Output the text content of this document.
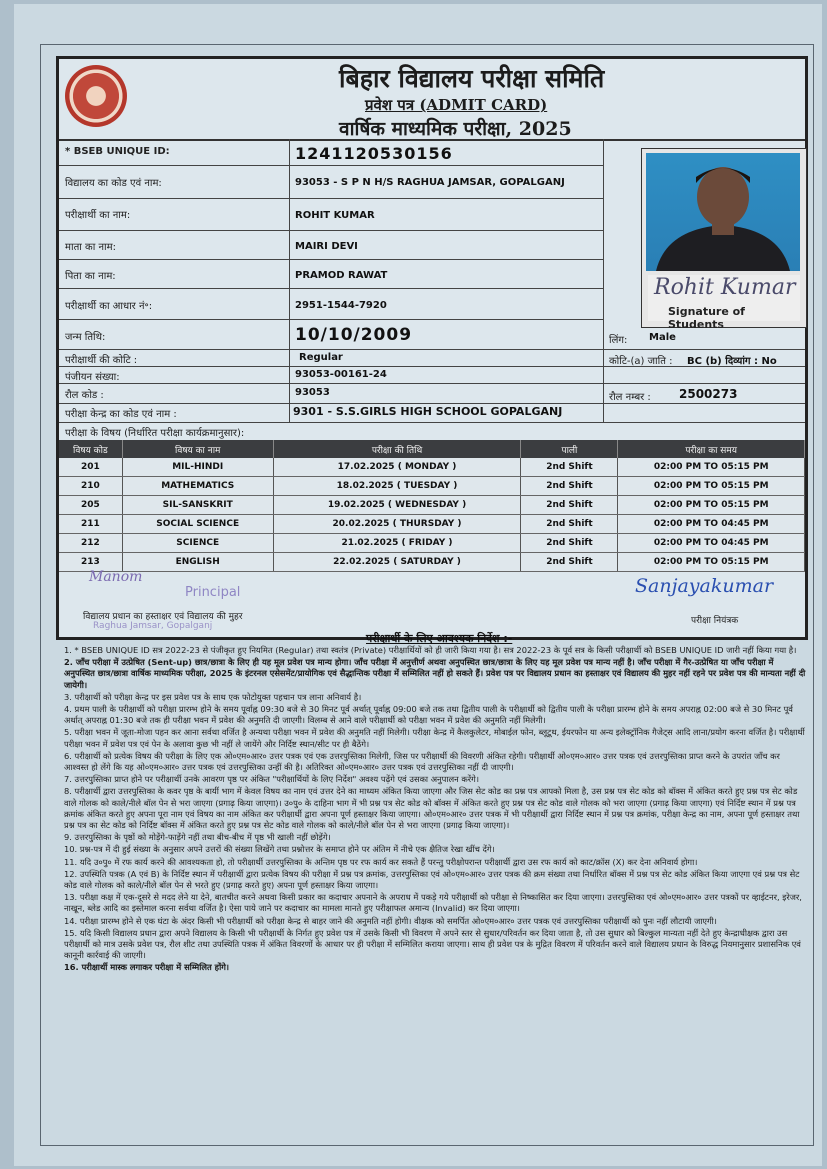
बिहार विद्यालय परीक्षा समिति
प्रवेश पत्र (ADMIT CARD)
वार्षिक माध्यमिक परीक्षा, 2025
* BSEB UNIQUE ID:	1241120530156
विद्यालय का कोड एवं नाम:	93053 - S P N H/S RAGHUA JAMSAR, GOPALGANJ
परीक्षार्थी का नाम:	ROHIT KUMAR
माता का नाम:	MAIRI DEVI
पिता का नाम:	PRAMOD RAWAT
परीक्षार्थी का आधार नं॰:	2951-1544-7920
जन्म तिथि:	10/10/2009	लिंग: Male
परीक्षार्थी की कोटि :	Regular	कोटि-(a) जाति : BC (b) दिव्यांग : No
पंजीयन संख्या:	93053-00161-24
रौल कोड :	93053	रौल नम्बर : 2500273
परीक्षा केन्द्र का कोड एवं नाम :	9301 - S.S.GIRLS HIGH SCHOOL GOPALGANJ
परीक्षा के विषय (निर्धारित परीक्षा कार्यक्रमानुसार):
Rohit Kumar
Signature of Students
विषय कोड	विषय का नाम	परीक्षा की तिथि	पाली	परीक्षा का समय
201	MIL-HINDI	17.02.2025 ( MONDAY )	2nd Shift	02:00 PM TO 05:15 PM
210	MATHEMATICS	18.02.2025 ( TUESDAY )	2nd Shift	02:00 PM TO 05:15 PM
205	SIL-SANSKRIT	19.02.2025 ( WEDNESDAY )	2nd Shift	02:00 PM TO 05:15 PM
211	SOCIAL SCIENCE	20.02.2025 ( THURSDAY )	2nd Shift	02:00 PM TO 04:45 PM
212	SCIENCE	21.02.2025 ( FRIDAY )	2nd Shift	02:00 PM TO 04:45 PM
213	ENGLISH	22.02.2025 ( SATURDAY )	2nd Shift	02:00 PM TO 05:15 PM
Manom
Principal
Raghua Jamsar, Gopalganj
विद्यालय प्रधान का हस्ताक्षर एवं विद्यालय की मुहर
Sanjayakumar
परीक्षा नियंत्रक
परीक्षार्थी के लिए आवश्यक निर्देश :-
1. * BSEB UNIQUE ID सत्र 2022-23 से पंजीकृत हुए नियमित (Regular) तथा स्वतंत्र (Private) परीक्षार्थियों को ही जारी किया गया है। सत्र 2022-23 के पूर्व सत्र के किसी परीक्षार्थी को BSEB UNIQUE ID जारी नहीं किया गया है।
2. जाँच परीक्षा में उत्प्रेषित (Sent-up) छात्र/छात्रा के लिए ही यह मूल प्रवेश पत्र मान्य होगा। जाँच परीक्षा में अनुत्तीर्ण अथवा अनुपस्थित छात्र/छात्रा के लिए यह मूल प्रवेश पत्र मान्य नहीं है। जाँच परीक्षा में गैर-उत्प्रेषित या जाँच परीक्षा में अनुपस्थित छात्र/छात्रा वार्षिक माध्यमिक परीक्षा, 2025 के इंटरनल एसेसमेंट/प्रायोगिक एवं सैद्धान्तिक परीक्षा में सम्मिलित नहीं हो सकते हैं। प्रवेश पत्र पर विद्यालय प्रधान का हस्ताक्षर एवं विद्यालय की मुहर नहीं रहने पर प्रवेश पत्र की मान्यता नहीं दी जायेगी।
3. परीक्षार्थी को परीक्षा केन्द्र पर इस प्रवेश पत्र के साथ एक फोटोयुक्त पहचान पत्र लाना अनिवार्य है।
4. प्रथम पाली के परीक्षार्थी को परीक्षा प्रारम्भ होने के समय पूर्वाह्न 09:30 बजे से 30 मिनट पूर्व अर्थात् पूर्वाह्न 09:00 बजे तक तथा द्वितीय पाली के परीक्षार्थी को द्वितीय पाली के परीक्षा प्रारम्भ होने के समय अपराह्न 02:00 बजे से 30 मिनट पूर्व अर्थात् अपराह्न 01:30 बजे तक ही परीक्षा भवन में प्रवेश की अनुमति दी जाएगी। विलम्ब से आने वाले परीक्षार्थी को परीक्षा भवन में प्रवेश की अनुमति नहीं मिलेगी।
5. परीक्षा भवन में जूता-मोजा पहन कर आना सर्वथा वर्जित है अन्यथा परीक्षा भवन में प्रवेश की अनुमति नहीं मिलेगी। परीक्षा केन्द्र में कैलकुलेटर, मोबाईल फोन, ब्लूटूथ, ईयरफोन या अन्य इलेक्ट्रॉनिक गैजेट्स आदि लाना/प्रयोग करना वर्जित है। परीक्षार्थी परीक्षा भवन में प्रवेश पत्र एवं पेन के अलावा कुछ भी नहीं ले जायेंगे और निर्दिष्ट स्थान/सीट पर ही बैठेंगे।
6. परीक्षार्थी को प्रत्येक विषय की परीक्षा के लिए एक ओ०एम०आर० उत्तर पत्रक एवं एक उत्तरपुस्तिका मिलेगी, जिस पर परीक्षार्थी की विवरणी अंकित रहेगी। परीक्षार्थी ओ०एम०आर० उत्तर पत्रक एवं उत्तरपुस्तिका प्राप्त करने के उपरांत जाँच कर आश्वस्त हो लेंगे कि यह ओ०एम०आर० उत्तर पत्रक एवं उत्तरपुस्तिका उन्हीं की है। अतिरिक्त ओ०एम०आर० उत्तर पत्रक एवं उत्तरपुस्तिका नहीं दी जाएगी।
7. उत्तरपुस्तिका प्राप्त होने पर परीक्षार्थी उनके आवरण पृष्ठ पर अंकित "परीक्षार्थियों के लिए निर्देश" अवश्य पढ़ेंगे एवं उसका अनुपालन करेंगे।
8. परीक्षार्थी द्वारा उत्तरपुस्तिका के कवर पृष्ठ के बायीं भाग में केवल विषय का नाम एवं उत्तर देने का माध्यम अंकित किया जाएगा और जिस सेट कोड का प्रश्न पत्र आपको मिला है, उस प्रश्न पत्र सेट कोड को बॉक्स में अंकित करते हुए प्रश्न पत्र सेट कोड वाले गोलक को काले/नीले बॉल पेन से भरा जाएगा (प्रगाढ़ किया जाएगा)। उ०पु० के दाहिना भाग में भी प्रश्न पत्र सेट कोड को बॉक्स में अंकित करते हुए प्रश्न पत्र सेट कोड वाले गोलक को भरा जाएगा (प्रगाढ़ किया जाएगा) एवं निर्दिष्ट स्थान में प्रश्न पत्र क्रमांक अंकित करते हुए अपना पूरा नाम एवं विषय का नाम अंकित कर परीक्षार्थी द्वारा अपना पूर्ण हस्ताक्षर किया जाएगा। ओ०एम०आर० उत्तर पत्रक में भी परीक्षार्थी द्वारा निर्दिष्ट स्थान में प्रश्न पत्र क्रमांक, परीक्षा केन्द्र का नाम, अपना पूर्ण हस्ताक्षर तथा प्रश्न पत्र का सेट कोड को निर्दिष्ट बॉक्स में अंकित करते हुए प्रश्न पत्र सेट कोड वाले गोलक को काले/नीले बॉल पेन से भरा जाएगा (प्रगाढ़ किया जाएगा)।
9. उत्तरपुस्तिका के पृष्ठों को मोड़ेंगे-फाड़ेंगे नहीं तथा बीच-बीच में पृष्ठ भी खाली नहीं छोड़ेंगे।
10. प्रश्न-पत्र में दी हुई संख्या के अनुसार अपने उत्तरों की संख्या लिखेंगे तथा प्रश्नोत्तर के समाप्त होने पर अंतिम में नीचे एक क्षैतिज रेखा खींच देंगे।
11. यदि उ०पु० में रफ कार्य करने की आवश्यकता हो, तो परीक्षार्थी उत्तरपुस्तिका के अन्तिम पृष्ठ पर रफ कार्य कर सकते हैं परन्तु परीक्षोपरान्त परीक्षार्थी द्वारा उस रफ कार्य को काट/क्रॉस (X) कर देना अनिवार्य होगा।
12. उपस्थिति पत्रक (A एवं B) के निर्दिष्ट स्थान में परीक्षार्थी द्वारा प्रत्येक विषय की परीक्षा में प्रश्न पत्र क्रमांक, उत्तरपुस्तिका एवं ओ०एम०आर० उत्तर पत्रक की क्रम संख्या तथा निर्धारित बॉक्स में प्रश्न पत्र सेट कोड अंकित किया जाएगा एवं प्रश्न पत्र सेट कोड वाले गोलक को काले/नीले बॉल पेन से भरते हुए (प्रगाढ़ करते हुए) अपना पूर्ण हस्ताक्षर किया जाएगा।
13. परीक्षा कक्ष में एक-दूसरे से मदद लेने या देने, बातचीत करने अथवा किसी प्रकार का कदाचार अपनाने के अपराध में पकड़े गये परीक्षार्थी को परीक्षा से निष्कासित कर दिया जाएगा। उत्तरपुस्तिका एवं ओ०एम०आर० उत्तर पत्रकों पर व्हाईटनर, इरेजर, नाखून, ब्लेड आदि का इस्तेमाल करना सर्वथा वर्जित है। ऐसा पाये जाने पर कदाचार का मामला मानते हुए परीक्षाफल अमान्य (Invalid) कर दिया जाएगा।
14. परीक्षा प्रारम्भ होने से एक घंटा के अंदर किसी भी परीक्षार्थी को परीक्षा केन्द्र से बाहर जाने की अनुमति नहीं होगी। वीक्षक को समर्पित ओ०एम०आर० उत्तर पत्रक एवं उत्तरपुस्तिका परीक्षार्थी को पुनः नहीं लौटायी जाएगी।
15. यदि किसी विद्यालय प्रधान द्वारा अपने विद्यालय के किसी भी परीक्षार्थी के निर्गत हुए प्रवेश पत्र में उसके किसी भी विवरण में अपने स्तर से सुधार/परिवर्तन कर दिया जाता है, तो उस सुधार को बिल्कुल मान्यता नहीं देते हुए केन्द्राधीक्षक द्वारा उस परीक्षार्थी को मात्र उसके प्रवेश पत्र, रौल शीट तथा उपस्थिति पत्रक में अंकित विवरणों के आधार पर ही परीक्षा में सम्मिलित कराया जाएगा। साथ ही प्रवेश पत्र के मुद्रित विवरण में परिवर्तन करने वाले विद्यालय प्रधान के विरुद्ध नियमानुसार प्रशासनिक एवं कानूनी कार्रवाई की जाएगी।
16. परीक्षार्थी मास्क लगाकर परीक्षा में सम्मिलित होंगे।
